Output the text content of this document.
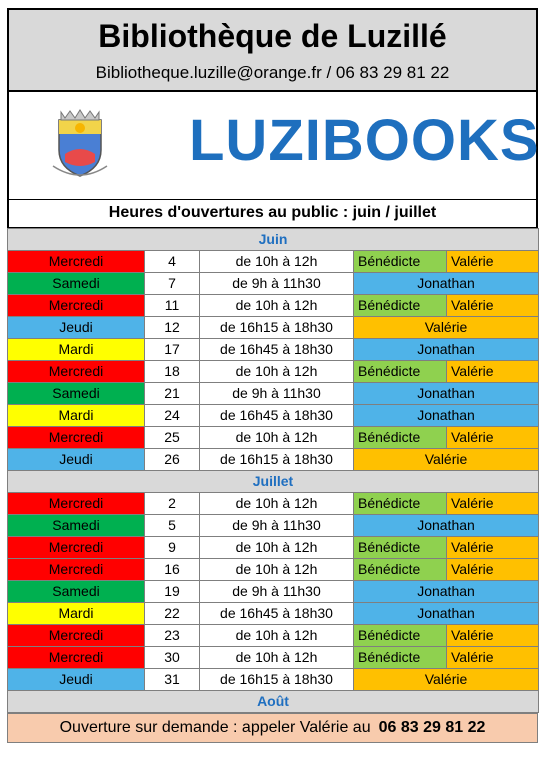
Bibliothèque de Luzillé
Bibliotheque.luzille@orange.fr / 06 83 29 81 22
LUZIBOOKS
Heures d'ouvertures au public : juin / juillet
Juin				
Mercredi	4	de 10h à 12h	Bénédicte	Valérie
Samedi	7	de 9h à 11h30	Jonathan	
Mercredi	11	de 10h à 12h	Bénédicte	Valérie
Jeudi	12	de 16h15 à 18h30	Valérie	
Mardi	17	de 16h45 à 18h30	Jonathan	
Mercredi	18	de 10h à 12h	Bénédicte	Valérie
Samedi	21	de 9h à 11h30	Jonathan	
Mardi	24	de 16h45 à 18h30	Jonathan	
Mercredi	25	de 10h à 12h	Bénédicte	Valérie
Jeudi	26	de 16h15 à 18h30	Valérie	
Juillet				
Mercredi	2	de 10h à 12h	Bénédicte	Valérie
Samedi	5	de 9h à 11h30	Jonathan	
Mercredi	9	de 10h à 12h	Bénédicte	Valérie
Mercredi	16	de 10h à 12h	Bénédicte	Valérie
Samedi	19	de 9h à 11h30	Jonathan	
Mardi	22	de 16h45 à 18h30	Jonathan	
Mercredi	23	de 10h à 12h	Bénédicte	Valérie
Mercredi	30	de 10h à 12h	Bénédicte	Valérie
Jeudi	31	de 16h15 à 18h30	Valérie	
Août				
Ouverture sur demande : appeler Valérie au 06 83 29 81 22
